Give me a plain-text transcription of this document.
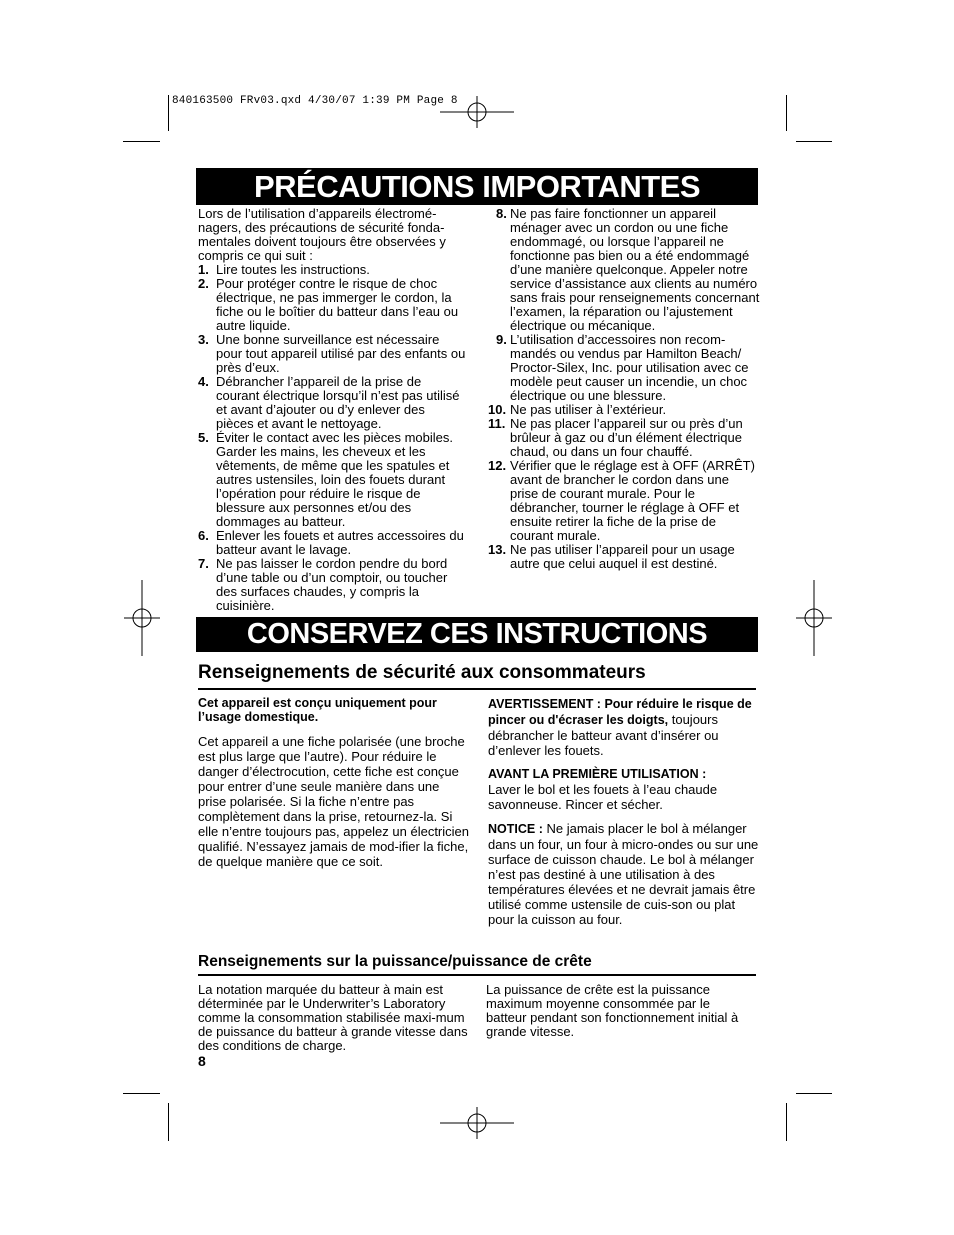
840163500 FRv03.qxd 4/30/07 1:39 PM Page 8
PRÉCAUTIONS IMPORTANTES
Lors de l’utilisation d’appareils électromé-nagers, des précautions de sécurité fonda-mentales doivent toujours être observées y compris ce qui suit :
1. Lire toutes les instructions.
2. Pour protéger contre le risque de choc électrique, ne pas immerger le cordon, la fiche ou le boîtier du batteur dans l’eau ou autre liquide.
3. Une bonne surveillance est nécessaire pour tout appareil utilisé par des enfants ou près d’eux.
4. Débrancher l’appareil de la prise de courant électrique lorsqu’il n’est pas utilisé et avant d’ajouter ou d’y enlever des pièces et avant le nettoyage.
5. Éviter le contact avec les pièces mobiles. Garder les mains, les cheveux et les vêtements, de même que les spatules et autres ustensiles, loin des fouets durant l’opération pour réduire le risque de blessure aux personnes et/ou des dommages au batteur.
6. Enlever les fouets et autres accessoires du batteur avant le lavage.
7. Ne pas laisser le cordon pendre du bord d’une table ou d’un comptoir, ou toucher des surfaces chaudes, y compris la cuisinière.
8. Ne pas faire fonctionner un appareil ménager avec un cordon ou une fiche endommagé, ou lorsque l’appareil ne fonctionne pas bien ou a été endommagé d’une manière quelconque. Appeler notre service d’assistance aux clients au numéro sans frais pour renseignements concernant l’examen, la réparation ou l’ajustement électrique ou mécanique.
9. L’utilisation d’accessoires non recom-mandés ou vendus par Hamilton Beach/ Proctor-Silex, Inc. pour utilisation avec ce modèle peut causer un incendie, un choc électrique ou une blessure.
10. Ne pas utiliser à l’extérieur.
11. Ne pas placer l’appareil sur ou près d’un brûleur à gaz ou d’un élément électrique chaud, ou dans un four chauffé.
12. Vérifier que le réglage est à OFF (ARRÊT) avant de brancher le cordon dans une prise de courant murale. Pour le débrancher, tourner le réglage à OFF et ensuite retirer la fiche de la prise de courant murale.
13. Ne pas utiliser l’appareil pour un usage autre que celui auquel il est destiné.
CONSERVEZ CES INSTRUCTIONS
Renseignements de sécurité aux consommateurs
Cet appareil est conçu uniquement pour l’usage domestique.
Cet appareil a une fiche polarisée (une broche est plus large que l’autre). Pour réduire le danger d’électrocution, cette fiche est conçue pour entrer d’une seule manière dans une prise polarisée. Si la fiche n’entre pas complètement dans la prise, retournez-la. Si elle n’entre toujours pas, appelez un électricien qualifié. N’essayez jamais de mod-ifier la fiche, de quelque manière que ce soit.
AVERTISSEMENT : Pour réduire le risque de pincer ou d'écraser les doigts, toujours débrancher le batteur avant d’insérer ou d’enlever les fouets.
AVANT LA PREMIÈRE UTILISATION :
Laver le bol et les fouets à l’eau chaude savonneuse. Rincer et sécher.
NOTICE : Ne jamais placer le bol à mélanger dans un four, un four à micro-ondes ou sur une surface de cuisson chaude. Le bol à mélanger n’est pas destiné à une utilisation à des températures élevées et ne devrait jamais être utilisé comme ustensile de cuis-son ou plat pour la cuisson au four.
Renseignements sur la puissance/puissance de crête
La notation marquée du batteur à main est déterminée par le Underwriter’s Laboratory comme la consommation stabilisée maxi-mum de puissance du batteur à grande vitesse dans des conditions de charge.
La puissance de crête est la puissance maximum moyenne consommée par le batteur pendant son fonctionnement initial à grande vitesse.
8
